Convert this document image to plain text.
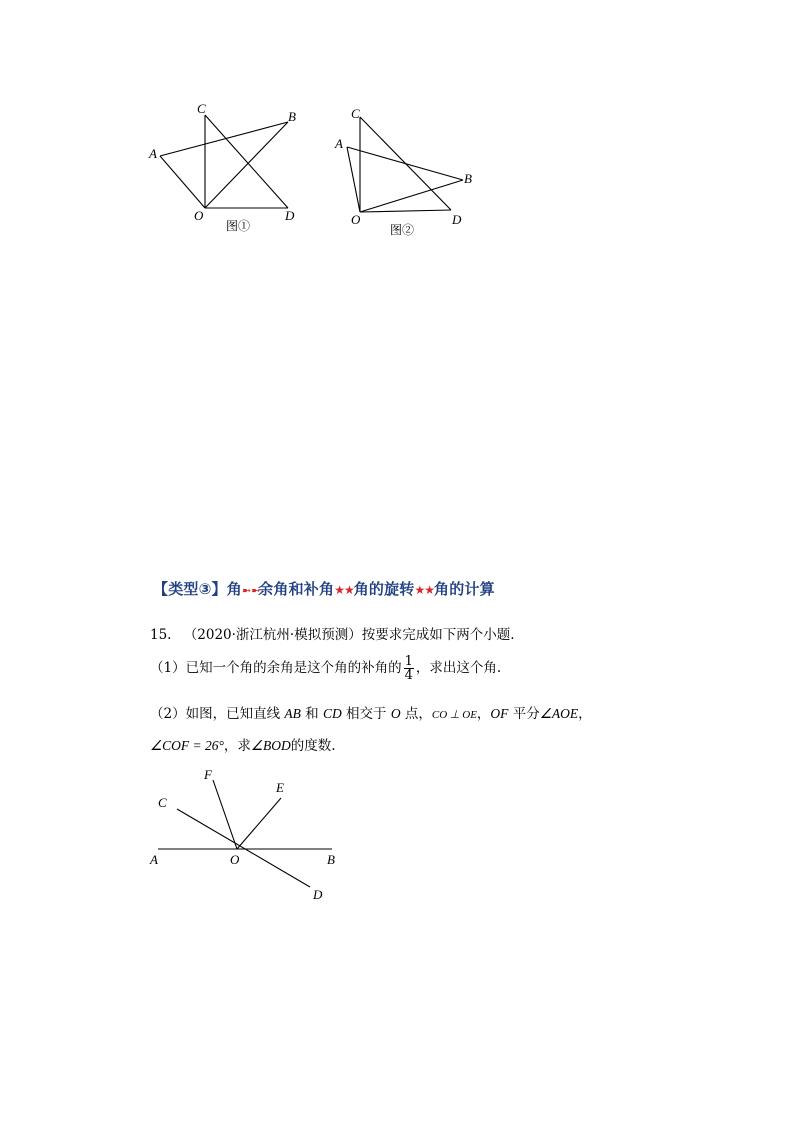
C
B
A
O	D
图①
C
A
B
O	D
图②
【类型③】角➼ ➼余角和补角★★角的旋转★★角的计算
15. （2020·浙江杭州·模拟预测）按要求完成如下两个小题.
（1）已知一个角的余角是这个角的补角的 $\frac{1}{4}$ ，求出这个角.
（2）如图，已知直线 AB 和 CD 相交于 O 点，CO ⊥ OE，OF 平分∠AOE，
∠COF = 26°，求∠BOD的度数.
F
E
C
A	O	B
D
